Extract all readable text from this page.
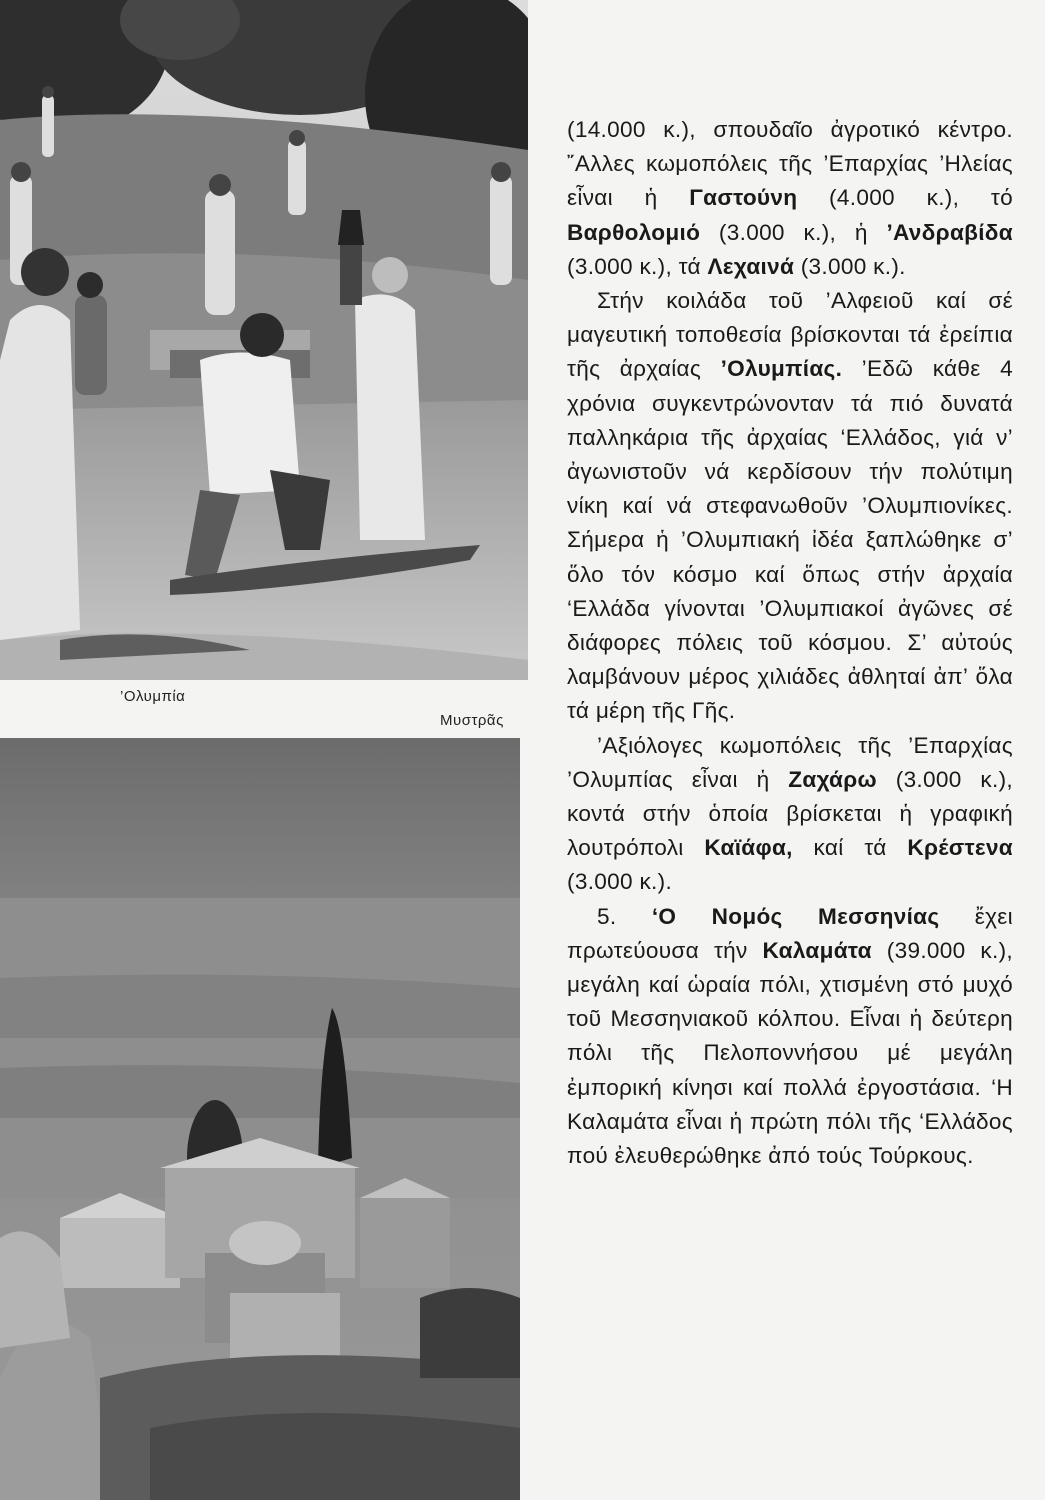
’Ολυμπία
Μυστρᾶς

(14.000 κ.), σπουδαῖο ἀγροτικό κέντρο. ῎Αλλες κωμοπόλεις τῆς ’Επαρχίας ’Ηλείας εἶναι ἡ Γαστούνη (4.000 κ.), τό Βαρθολομιό (3.000 κ.), ἡ ’Ανδραβίδα (3.000 κ.), τά Λεχαινά (3.000 κ.).

Στήν κοιλάδα τοῦ ’Αλφειοῦ καί σέ μαγευτική τοποθεσία βρίσκονται τά ἐρείπια τῆς ἀρχαίας ’Ολυμπίας. ’Εδῶ κάθε 4 χρόνια συγκεντρώνονταν τά πιό δυνατά παλληκάρια τῆς ἀρχαίας ‘Ελλάδος, γιά ν’ ἀγωνιστοῦν νά κερδίσουν τήν πολύτιμη νίκη καί νά στεφανωθοῦν ’Ολυμπιονίκες. Σήμερα ἡ ’Ολυμπιακή ἰδέα ξαπλώθηκε σ’ ὅλο τόν κόσμο καί ὅπως στήν ἀρχαία ‘Ελλάδα γίνονται ’Ολυμπιακοί ἀγῶνες σέ διάφορες πόλεις τοῦ κόσμου. Σ’ αὐτούς λαμβάνουν μέρος χιλιάδες ἀθληταί ἀπ’ ὅλα τά μέρη τῆς Γῆς.

’Αξιόλογες κωμοπόλεις τῆς ’Επαρχίας ’Ολυμπίας εἶναι ἡ Ζαχάρω (3.000 κ.), κοντά στήν ὁποία βρίσκεται ἡ γραφική λουτρόπολι Καϊάφα, καί τά Κρέστενα (3.000 κ.).

5. ‘Ο Νομός Μεσσηνίας ἔχει πρωτεύουσα τήν Καλαμάτα (39.000 κ.), μεγάλη καί ὡραία πόλι, χτισμένη στό μυχό τοῦ Μεσσηνιακοῦ κόλπου. Εἶναι ἡ δεύτερη πόλι τῆς Πελοποννήσου μέ μεγάλη ἐμπορική κίνησι καί πολλά ἐργοστάσια. ‘Η Καλαμάτα εἶναι ἡ πρώτη πόλι τῆς ‘Ελλάδος πού ἐλευθερώθηκε ἀπό τούς Τούρκους.
